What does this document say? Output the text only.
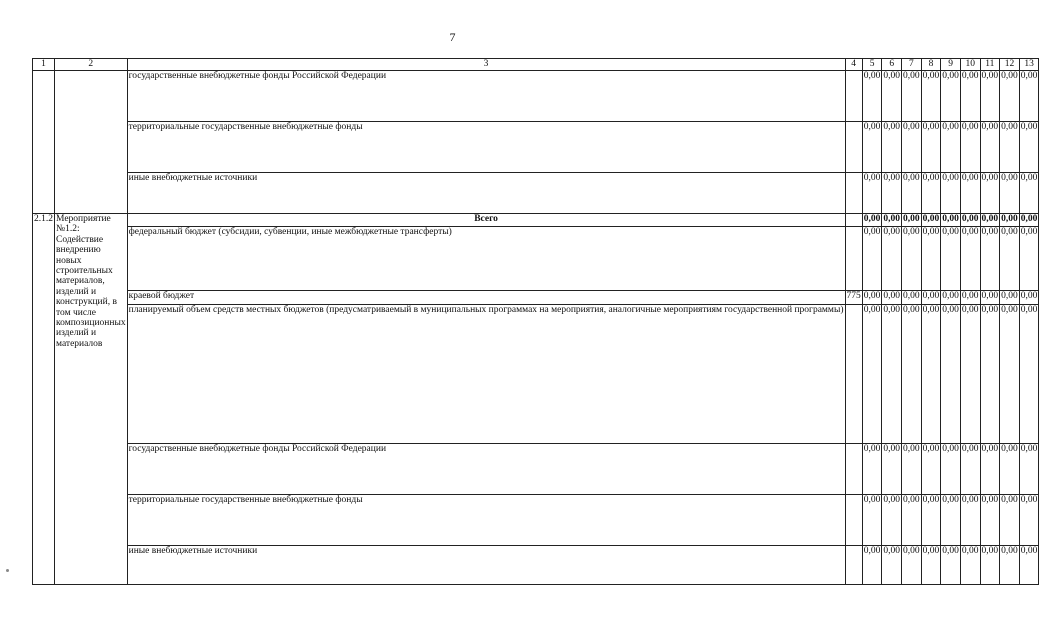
7
1	2	3	4	5	6	7	8	9	10	11	12	13
		государственные внебюджетные фонды Российской Федерации		0,00	0,00	0,00	0,00	0,00	0,00	0,00	0,00	0,00
		территориальные государственные внебюджетные фонды		0,00	0,00	0,00	0,00	0,00	0,00	0,00	0,00	0,00
		иные внебюджетные источники		0,00	0,00	0,00	0,00	0,00	0,00	0,00	0,00	0,00
2.1.2	Мероприятие №1.2:
Содействие внедрению новых строительных материалов, изделий и конструкций, в том числе композиционных изделий и материалов	Всего		0,00	0,00	0,00	0,00	0,00	0,00	0,00	0,00	0,00
		федеральный бюджет (субсидии, субвенции, иные межбюджетные трансферты)		0,00	0,00	0,00	0,00	0,00	0,00	0,00	0,00	0,00
		краевой бюджет	775	0,00	0,00	0,00	0,00	0,00	0,00	0,00	0,00	0,00
		планируемый объем средств местных бюджетов (предусматриваемый в муниципальных программах на мероприятия, аналогичные мероприятиям государственной программы)		0,00	0,00	0,00	0,00	0,00	0,00	0,00	0,00	0,00
		государственные внебюджетные фонды Российской Федерации		0,00	0,00	0,00	0,00	0,00	0,00	0,00	0,00	0,00
		территориальные государственные внебюджетные фонды		0,00	0,00	0,00	0,00	0,00	0,00	0,00	0,00	0,00
		иные внебюджетные источники		0,00	0,00	0,00	0,00	0,00	0,00	0,00	0,00	0,00
